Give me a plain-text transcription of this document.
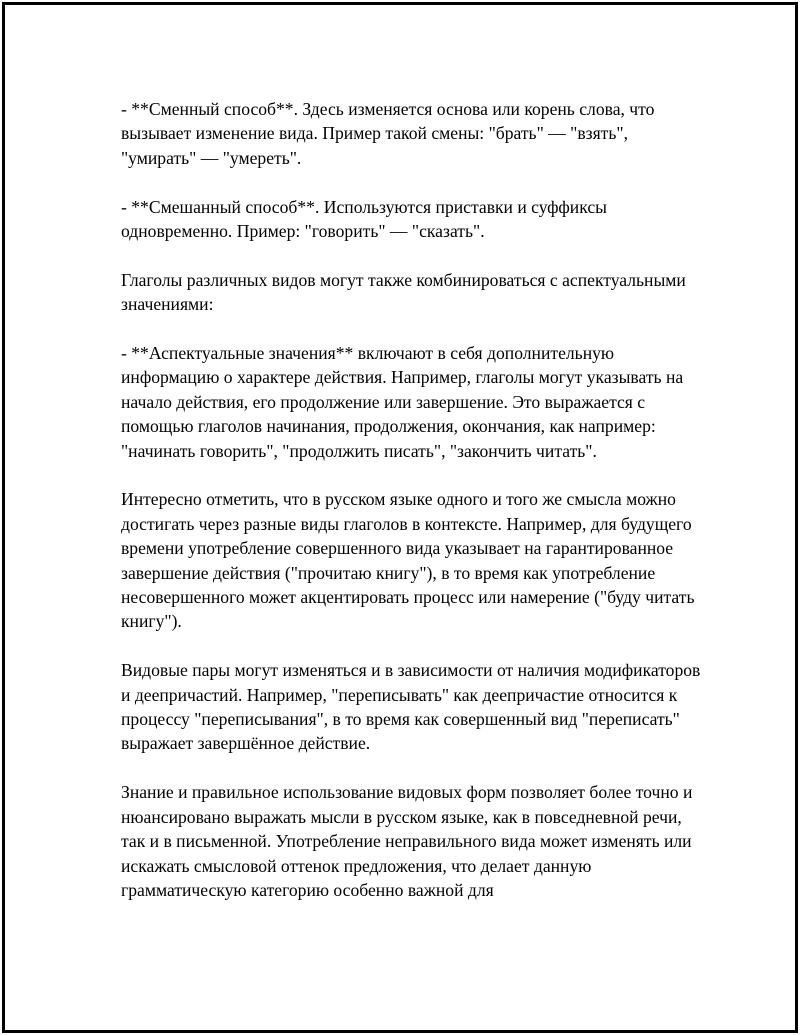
- **Сменный способ**. Здесь изменяется основа или корень слова, что вызывает изменение вида. Пример такой смены: "брать" — "взять", "умирать" — "умереть".

- **Смешанный способ**. Используются приставки и суффиксы одновременно. Пример: "говорить" — "сказать".

Глаголы различных видов могут также комбинироваться с аспектуальными значениями:

- **Аспектуальные значения** включают в себя дополнительную информацию о характере действия. Например, глаголы могут указывать на начало действия, его продолжение или завершение. Это выражается с помощью глаголов начинания, продолжения, окончания, как например: "начинать говорить", "продолжить писать", "закончить читать".

Интересно отметить, что в русском языке одного и того же смысла можно достигать через разные виды глаголов в контексте. Например, для будущего времени употребление совершенного вида указывает на гарантированное завершение действия ("прочитаю книгу"), в то время как употребление несовершенного может акцентировать процесс или намерение ("буду читать книгу").

Видовые пары могут изменяться и в зависимости от наличия модификаторов и деепричастий. Например, "переписывать" как деепричастие относится к процессу "переписывания", в то время как совершенный вид "переписать" выражает завершённое действие.

Знание и правильное использование видовых форм позволяет более точно и нюансировано выражать мысли в русском языке, как в повседневной речи, так и в письменной. Употребление неправильного вида может изменять или искажать смысловой оттенок предложения, что делает данную грамматическую категорию особенно важной для
